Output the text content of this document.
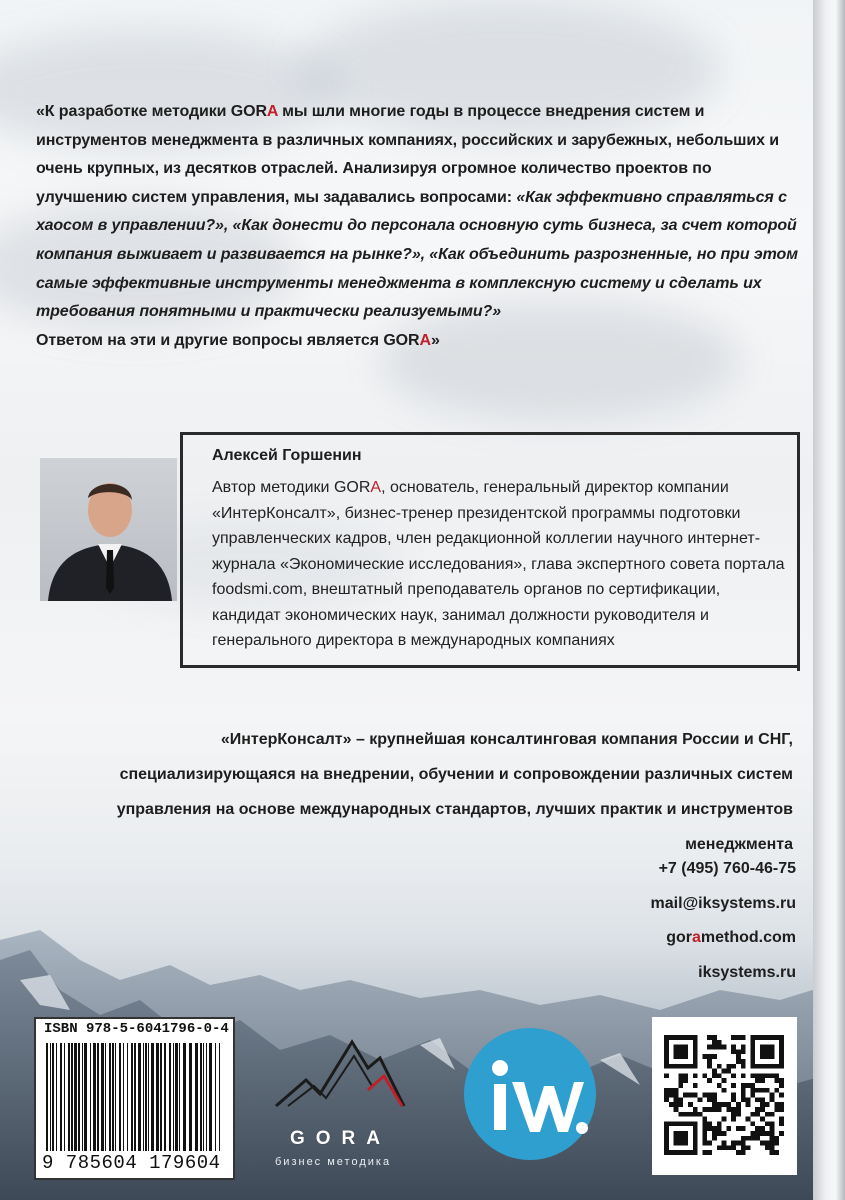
«К разработке методики GORA мы шли многие годы в процессе внедрения систем и инструментов менеджмента в различных компаниях, российских и зарубежных, небольших и очень крупных, из десятков отраслей. Анализируя огромное количество проектов по улучшению систем управления, мы задавались вопросами: «Как эффективно справляться с хаосом в управлении?», «Как донести до персонала основную суть бизнеса, за счет которой компания выживает и развивается на рынке?», «Как объединить разрозненные, но при этом самые эффективные инструменты менеджмента в комплексную систему и сделать их требования понятными и практически реализуемыми?»

Ответом на эти и другие вопросы является GORA»

Алексей Горшенин
Автор методики GORA, основатель, генеральный директор компании «ИнтерКонсалт», бизнес-тренер президентской программы подготовки управленческих кадров, член редакционной коллегии научного интернет-журнала «Экономические исследования», глава экспертного совета портала foodsmi.com, внештатный преподаватель органов по сертификации, кандидат экономических наук, занимал должности руководителя и генерального директора в международных компаниях

«ИнтерКонсалт» – крупнейшая консалтинговая компания России и СНГ,

специализирующаяся на внедрении, обучении и сопровождении различных систем

управления на основе международных стандартов, лучших практик и инструментов менеджмента

+7 (495) 760-46-75
mail@iksystems.ru
goramethod.com
iksystems.ru
ISBN 978-5-6041796-0-4
9 785604 179604
GORA
бизнес методика
